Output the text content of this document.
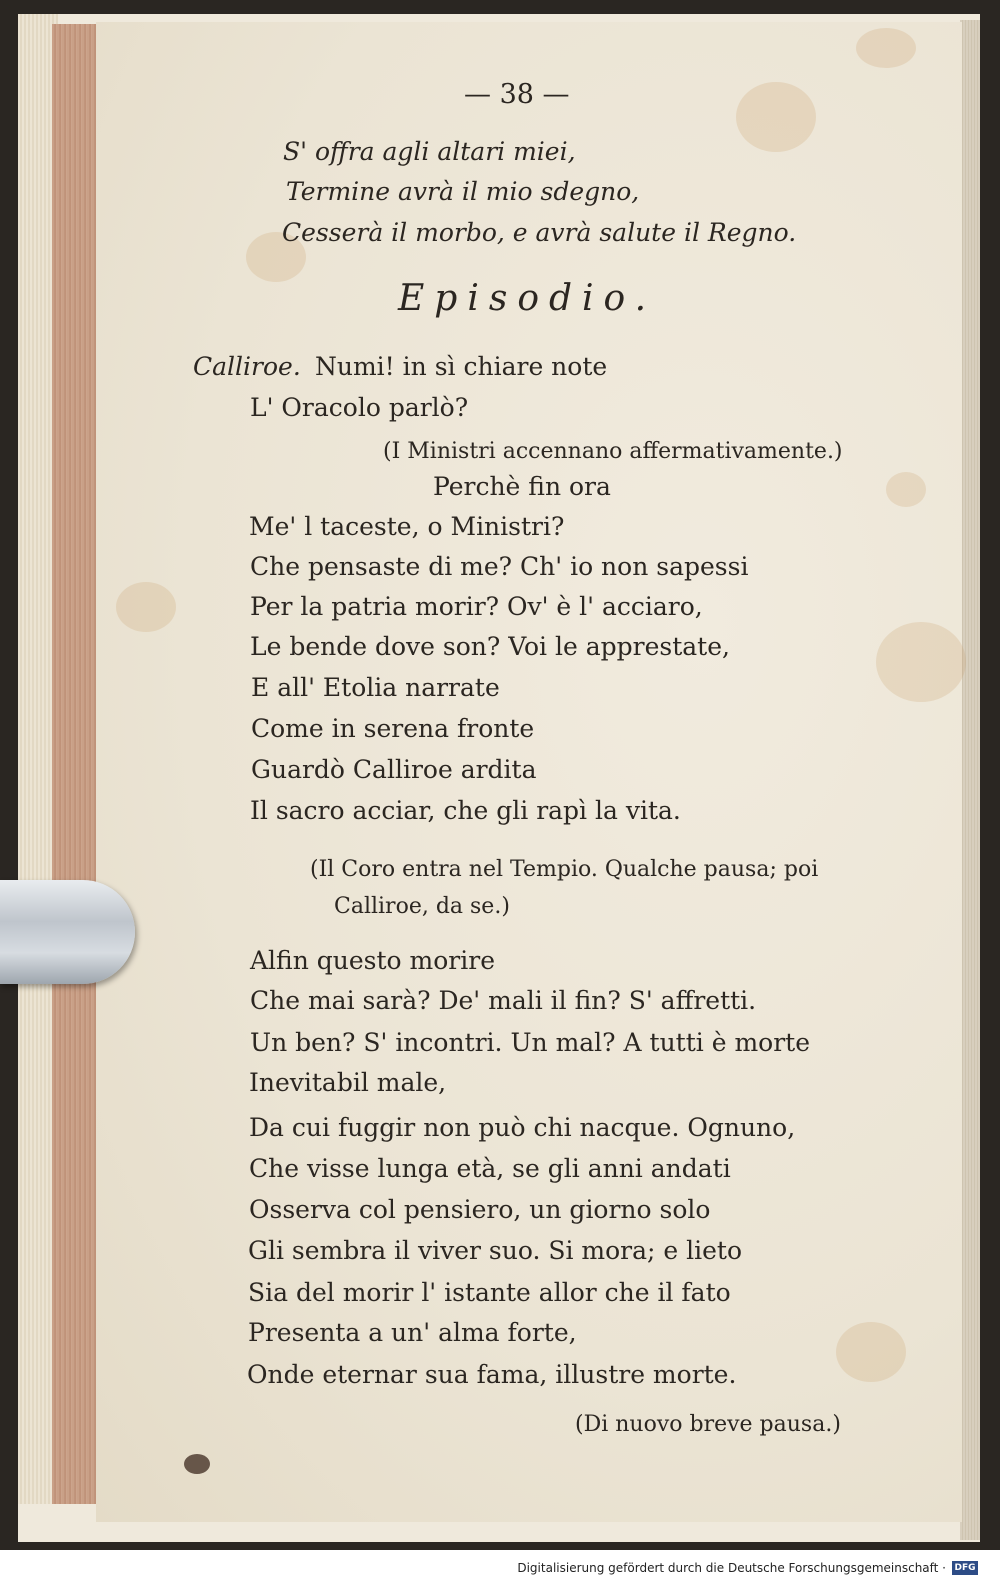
— 38 —
S' offra agli altari miei,
Termine avrà il mio sdegno,
Cesserà il morbo, e avrà salute il Regno.
Episodio.
Calliroe. Numi! in sì chiare note
L' Oracolo parlò?
(I Ministri accennano affermativamente.)
Perchè fin ora
Me' l taceste, o Ministri?
Che pensaste di me? Ch' io non sapessi
Per la patria morir? Ov' è l' acciaro,
Le bende dove son? Voi le apprestate,
E all' Etolia narrate
Come in serena fronte
Guardò Calliroe ardita
Il sacro acciar, che gli rapì la vita.
(Il Coro entra nel Tempio. Qualche pausa; poi
Calliroe, da se.)
Alfin questo morire
Che mai sarà? De' mali il fin? S' affretti.
Un ben? S' incontri. Un mal? A tutti è morte
Inevitabil male,
Da cui fuggir non può chi nacque. Ognuno,
Che visse lunga età, se gli anni andati
Osserva col pensiero, un giorno solo
Gli sembra il viver suo. Si mora; e lieto
Sia del morir l' istante allor che il fato
Presenta a un' alma forte,
Onde eternar sua fama, illustre morte.
(Di nuovo breve pausa.)
Digitalisierung gefördert durch die Deutsche Forschungsgemeinschaft · DFG
